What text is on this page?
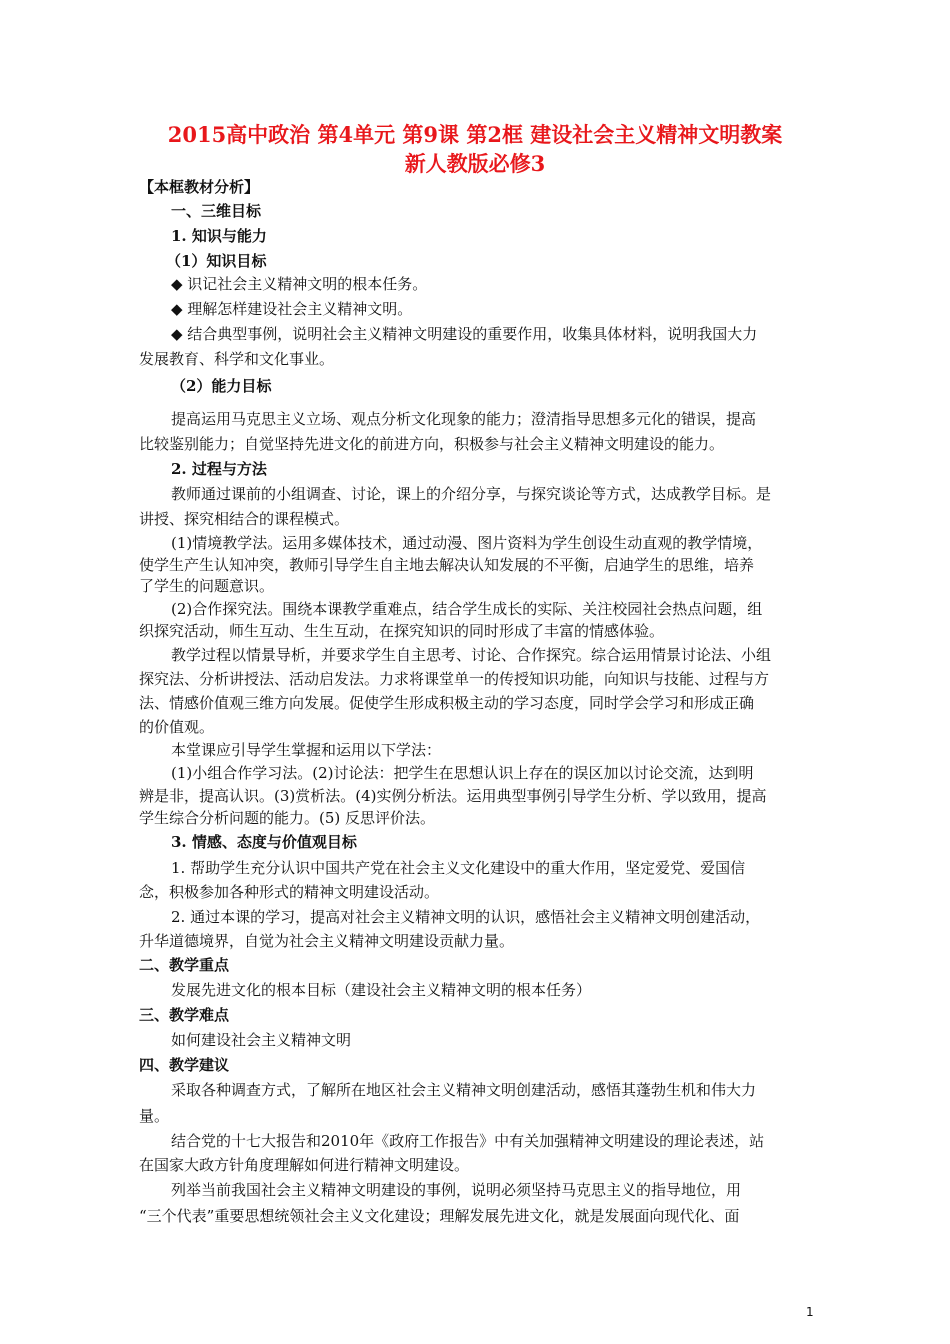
2015高中政治 第4单元 第9课 第2框 建设社会主义精神文明教案
新人教版必修3
【本框教材分析】
一、三维目标
1. 知识与能力
（1）知识目标
◆ 识记社会主义精神文明的根本任务。
◆ 理解怎样建设社会主义精神文明。
◆ 结合典型事例，说明社会主义精神文明建设的重要作用，收集具体材料，说明我国大力
发展教育、科学和文化事业。
（2）能力目标
提高运用马克思主义立场、观点分析文化现象的能力；澄清指导思想多元化的错误，提高
比较鉴别能力；自觉坚持先进文化的前进方向，积极参与社会主义精神文明建设的能力。
2. 过程与方法
教师通过课前的小组调查、讨论，课上的介绍分享，与探究谈论等方式，达成教学目标。是
讲授、探究相结合的课程模式。
(1)情境教学法。运用多媒体技术，通过动漫、图片资料为学生创设生动直观的教学情境，
使学生产生认知冲突，教师引导学生自主地去解决认知发展的不平衡，启迪学生的思维，培养
了学生的问题意识。
(2)合作探究法。围绕本课教学重难点，结合学生成长的实际、关注校园社会热点问题，组
织探究活动，师生互动、生生互动，在探究知识的同时形成了丰富的情感体验。
教学过程以情景导析，并要求学生自主思考、讨论、合作探究。综合运用情景讨论法、小组
探究法、分析讲授法、活动启发法。力求将课堂单一的传授知识功能，向知识与技能、过程与方
法、情感价值观三维方向发展。促使学生形成积极主动的学习态度，同时学会学习和形成正确
的价值观。
本堂课应引导学生掌握和运用以下学法：
(1)小组合作学习法。(2)讨论法：把学生在思想认识上存在的误区加以讨论交流，达到明
辨是非，提高认识。(3)赏析法。(4)实例分析法。运用典型事例引导学生分析、学以致用，提高
学生综合分析问题的能力。(5) 反思评价法。
3. 情感、态度与价值观目标
1. 帮助学生充分认识中国共产党在社会主义文化建设中的重大作用，坚定爱党、爱国信
念，积极参加各种形式的精神文明建设活动。
2. 通过本课的学习，提高对社会主义精神文明的认识，感悟社会主义精神文明创建活动，
升华道德境界，自觉为社会主义精神文明建设贡献力量。
二、教学重点
发展先进文化的根本目标（建设社会主义精神文明的根本任务）
三、教学难点
如何建设社会主义精神文明
四、教学建议
采取各种调查方式，了解所在地区社会主义精神文明创建活动，感悟其蓬勃生机和伟大力
量。
结合党的十七大报告和2010年《政府工作报告》中有关加强精神文明建设的理论表述，站
在国家大政方针角度理解如何进行精神文明建设。
列举当前我国社会主义精神文明建设的事例，说明必须坚持马克思主义的指导地位，用
“三个代表”重要思想统领社会主义文化建设；理解发展先进文化，就是发展面向现代化、面
1
